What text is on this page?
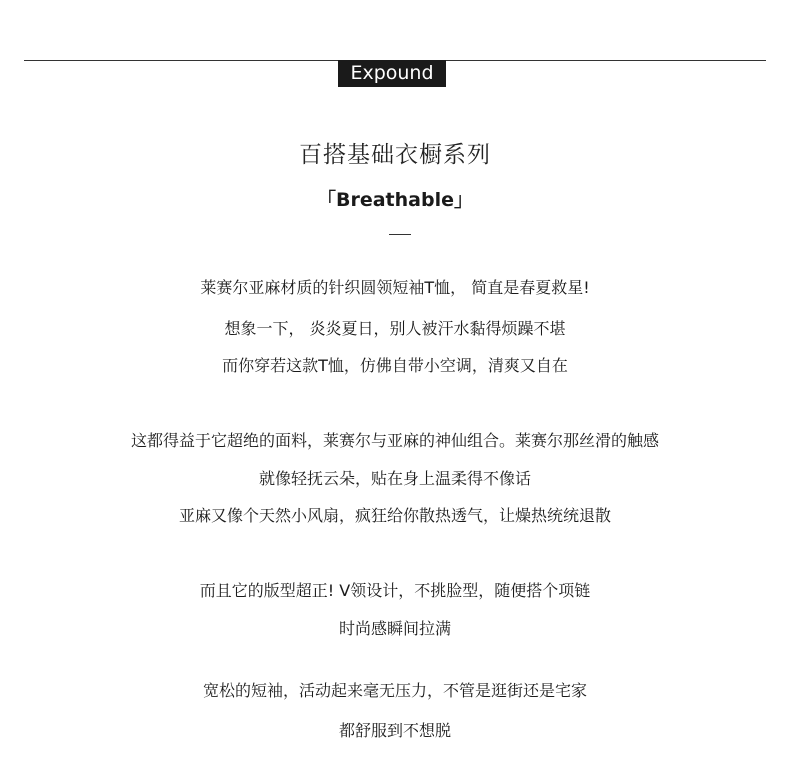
Expound
百搭基础衣橱系列
「Breathable」
莱赛尔亚麻材质的针织圆领短袖T恤， 简直是春夏救星!
想象一下， 炎炎夏日，别人被汗水黏得烦躁不堪
而你穿若这款T恤，仿佛自带小空调，清爽又自在
这都得益于它超绝的面料，莱赛尔与亚麻的神仙组合。莱赛尔那丝滑的触感
就像轻抚云朵，贴在身上温柔得不像话
亚麻又像个天然小风扇，疯狂给你散热透气，让燥热统统退散
而且它的版型超正! V领设计，不挑脸型，随便搭个项链
时尚感瞬间拉满
宽松的短袖，活动起来毫无压力，不管是逛街还是宅家
都舒服到不想脱
